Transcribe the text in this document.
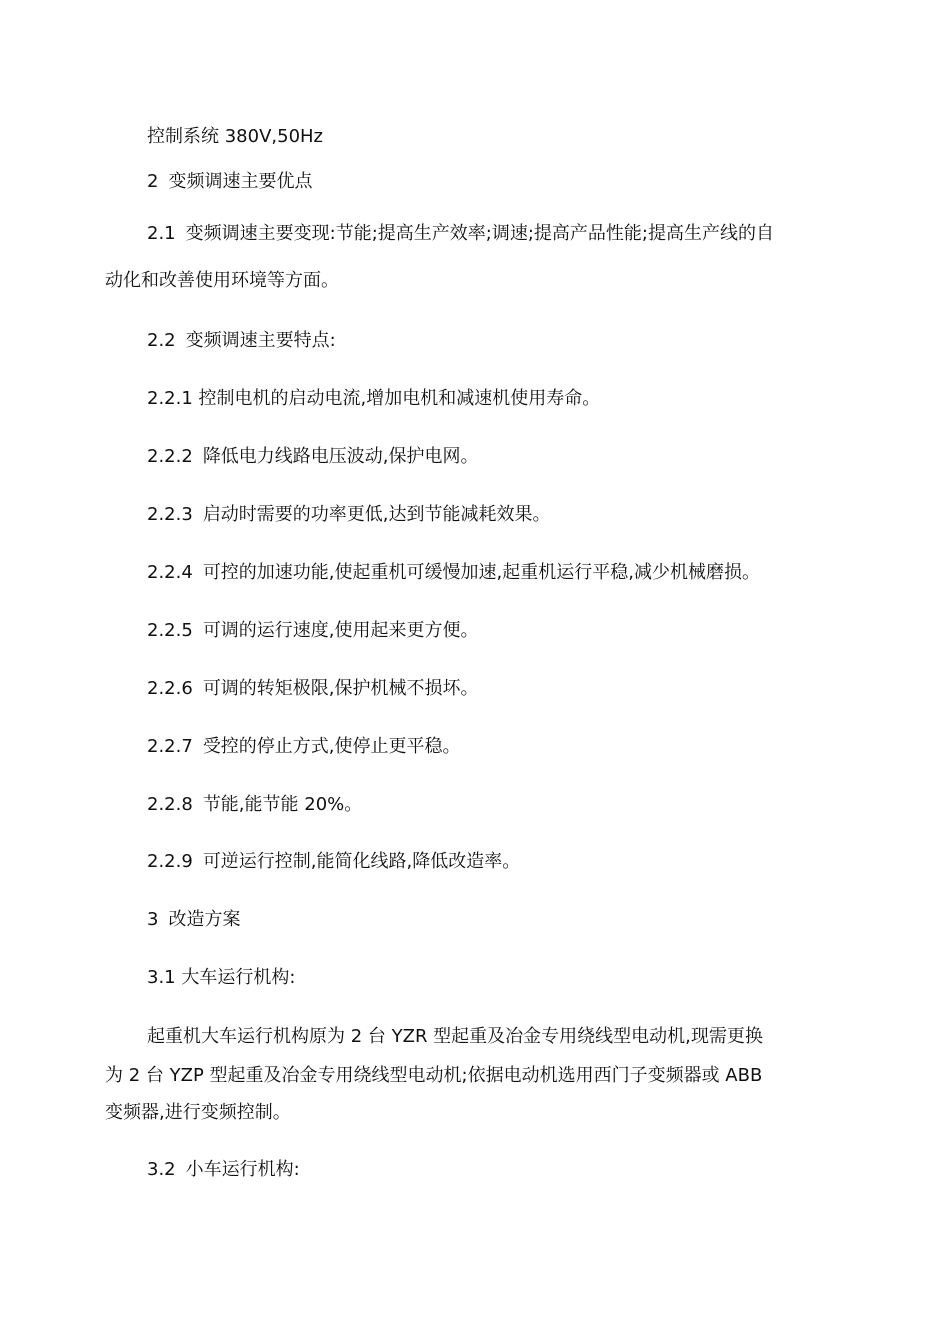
控制系统 380V,50Hz
2 变频调速主要优点
2.1 变频调速主要变现:节能;提高生产效率;调速;提高产品性能;提高生产线的自
动化和改善使用环境等方面。
2.2 变频调速主要特点:
2.2.1 控制电机的启动电流,增加电机和减速机使用寿命。
2.2.2 降低电力线路电压波动,保护电网。
2.2.3 启动时需要的功率更低,达到节能减耗效果。
2.2.4 可控的加速功能,使起重机可缓慢加速,起重机运行平稳,减少机械磨损。
2.2.5 可调的运行速度,使用起来更方便。
2.2.6 可调的转矩极限,保护机械不损坏。
2.2.7 受控的停止方式,使停止更平稳。
2.2.8 节能,能节能 20%。
2.2.9 可逆运行控制,能简化线路,降低改造率。
3 改造方案
3.1 大车运行机构:
起重机大车运行机构原为 2 台 YZR 型起重及冶金专用绕线型电动机,现需更换
为 2 台 YZP 型起重及冶金专用绕线型电动机;依据电动机选用西门子变频器或 ABB
变频器,进行变频控制。
3.2 小车运行机构:
